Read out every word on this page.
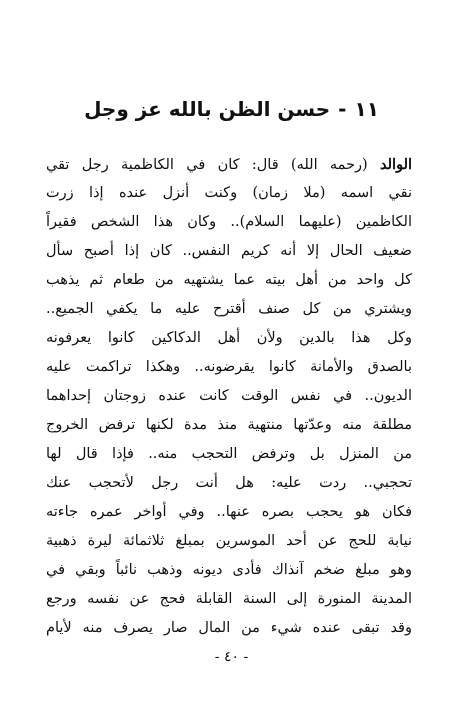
١١-حسن الظن بالله عز وجل
الوالد (رحمه الله) قال: كان في الكاظمية رجل تقي
نقي اسمه (ملا زمان) وكنت أنزل عنده إذا زرت
الكاظمين (عليهما السلام).. وكان هذا الشخص فقيراً
ضعيف الحال إلا أنه كريم النفس.. كان إذا أصبح سأل
كل واحد من أهل بيته عما يشتهيه من طعام ثم يذهب
ويشتري من كل صنف أقترح عليه ما يكفي الجميع..
وكل هذا بالدين ولأن أهل الدكاكين كانوا يعرفونه
بالصدق والأمانة كانوا يقرضونه.. وهكذا تراكمت عليه
الديون.. في نفس الوقت كانت عنده زوجتان إحداهما
مطلقة منه وعدّتها منتهية منذ مدة لكنها ترفض الخروج
من المنزل بل وترفض التحجب منه.. فإذا قال لها
تحجبي.. ردت عليه: هل أنت رجل لأتحجب عنك
فكان هو يحجب بصره عنها.. وفي أواخر عمره جاءته
نيابة للحج عن أحد الموسرين بمبلغ ثلاثمائة ليرة ذهبية
وهو مبلغ ضخم آنذاك فأدى ديونه وذهب نائباً وبقي في
المدينة المنورة إلى السنة القابلة فحج عن نفسه ورجع
وقد تبقى عنده شيء من المال صار يصرف منه لأيام
- ٤٠ -
